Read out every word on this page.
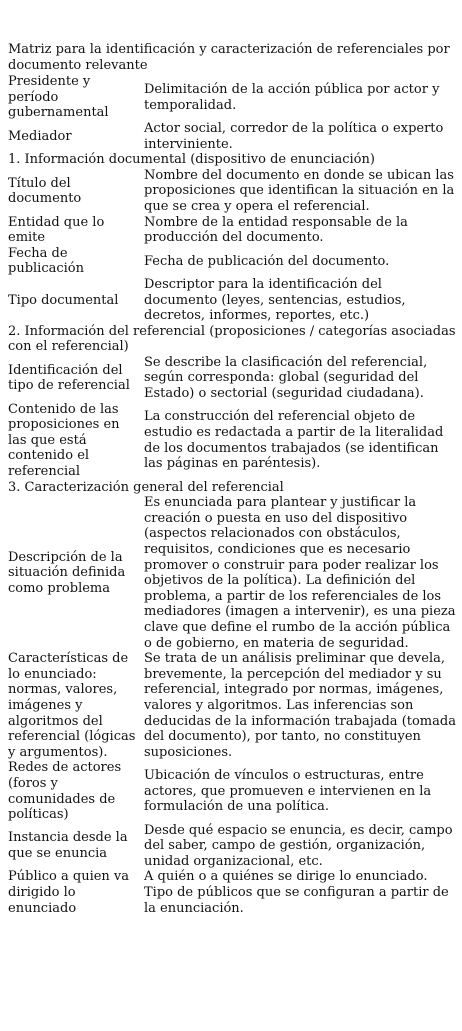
Matriz para la identificación y caracterización de referenciales por documento relevante
Presidente y período gubernamental	Delimitación de la acción pública por actor y temporalidad.
Mediador	Actor social, corredor de la política o experto interviniente.
1. Información documental (dispositivo de enunciación)	
Título del documento	Nombre del documento en donde se ubican las proposiciones que identifican la situación en la que se crea y opera el referencial.
Entidad que lo emite	Nombre de la entidad responsable de la producción del documento.
Fecha de publicación	Fecha de publicación del documento.
Tipo documental	Descriptor para la identificación del documento (leyes, sentencias, estudios, decretos, informes, reportes, etc.)
2. Información del referencial (proposiciones / categorías asociadas con el referencial)	
Identificación del tipo de referencial	Se describe la clasificación del referencial, según corresponda: global (seguridad del Estado) o sectorial (seguridad ciudadana).
Contenido de las proposiciones en las que está contenido el referencial	La construcción del referencial objeto de estudio es redactada a partir de la literalidad de los documentos trabajados (se identifican las páginas en paréntesis).
3. Caracterización general del referencial	
Descripción de la situación definida como problema	Es enunciada para plantear y justificar la creación o puesta en uso del dispositivo (aspectos relacionados con obstáculos, requisitos, condiciones que es necesario promover o construir para poder realizar los objetivos de la política). La definición del problema, a partir de los referenciales de los mediadores (imagen a intervenir), es una pieza clave que define el rumbo de la acción pública o de gobierno, en materia de seguridad.
Características de lo enunciado: normas, valores, imágenes y algoritmos del referencial (lógicas y argumentos).	Se trata de un análisis preliminar que devela, brevemente, la percepción del mediador y su referencial, integrado por normas, imágenes, valores y algoritmos. Las inferencias son deducidas de la información trabajada (tomada del documento), por tanto, no constituyen suposiciones.
Redes de actores (foros y comunidades de políticas)	Ubicación de vínculos o estructuras, entre actores, que promueven e intervienen en la formulación de una política.
Instancia desde la que se enuncia	Desde qué espacio se enuncia, es decir, campo del saber, campo de gestión, organización, unidad organizacional, etc.
Público a quien va dirigido lo enunciado	A quién o a quiénes se dirige lo enunciado. Tipo de públicos que se configuran a partir de la enunciación.
